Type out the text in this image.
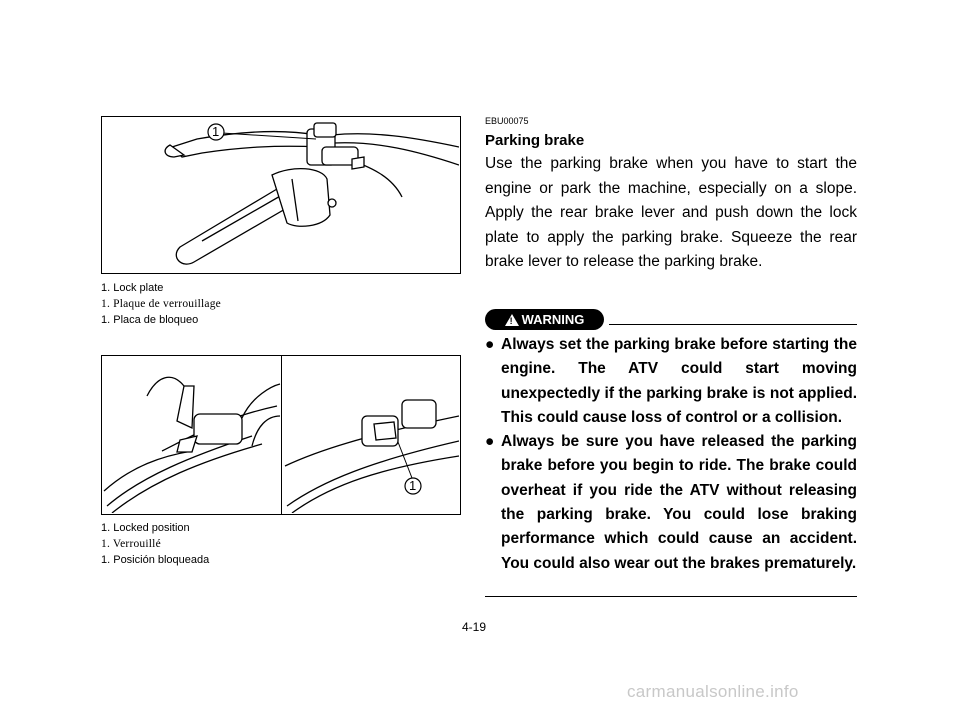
1
1. Lock plate
1. Plaque de verrouillage
1. Placa de bloqueo
1
1. Locked position
1. Verrouillé
1. Posición bloqueada
EBU00075
Parking brake
Use the parking brake when you have to start the engine or park the machine, especially on a slope. Apply the rear brake lever and push down the lock plate to apply the parking brake. Squeeze the rear brake lever to release the parking brake.
! WARNING
● Always set the parking brake before starting the engine. The ATV could start moving unexpectedly if the parking brake is not applied. This could cause loss of control or a collision.
● Always be sure you have released the parking brake before you begin to ride. The brake could overheat if you ride the ATV without releasing the parking brake. You could lose braking performance which could cause an accident. You could also wear out the brakes prematurely.
4-19
carmanualsonline.info
